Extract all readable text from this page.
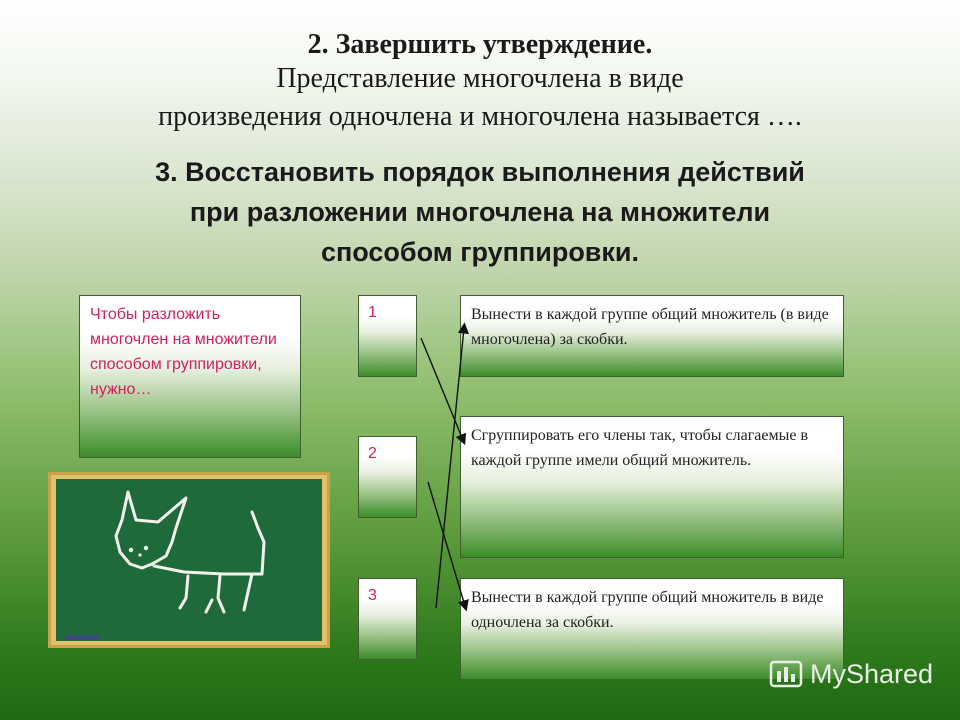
2. Завершить утверждение.
Представление многочлена в виде
произведения одночлена и многочлена называется ….
3. Восстановить порядок выполнения действий
при разложении многочлена на множители
способом группировки.
Чтобы разложить многочлен на множители способом группировки, нужно…
1
2
3
Вынести в каждой группе общий множитель (в виде многочлена) за скобки.
Сгруппировать его члены так, чтобы слагаемые в каждой группе имели общий множитель.
Вынести в каждой группе общий множитель в виде одночлена за скобки.
MyShared
